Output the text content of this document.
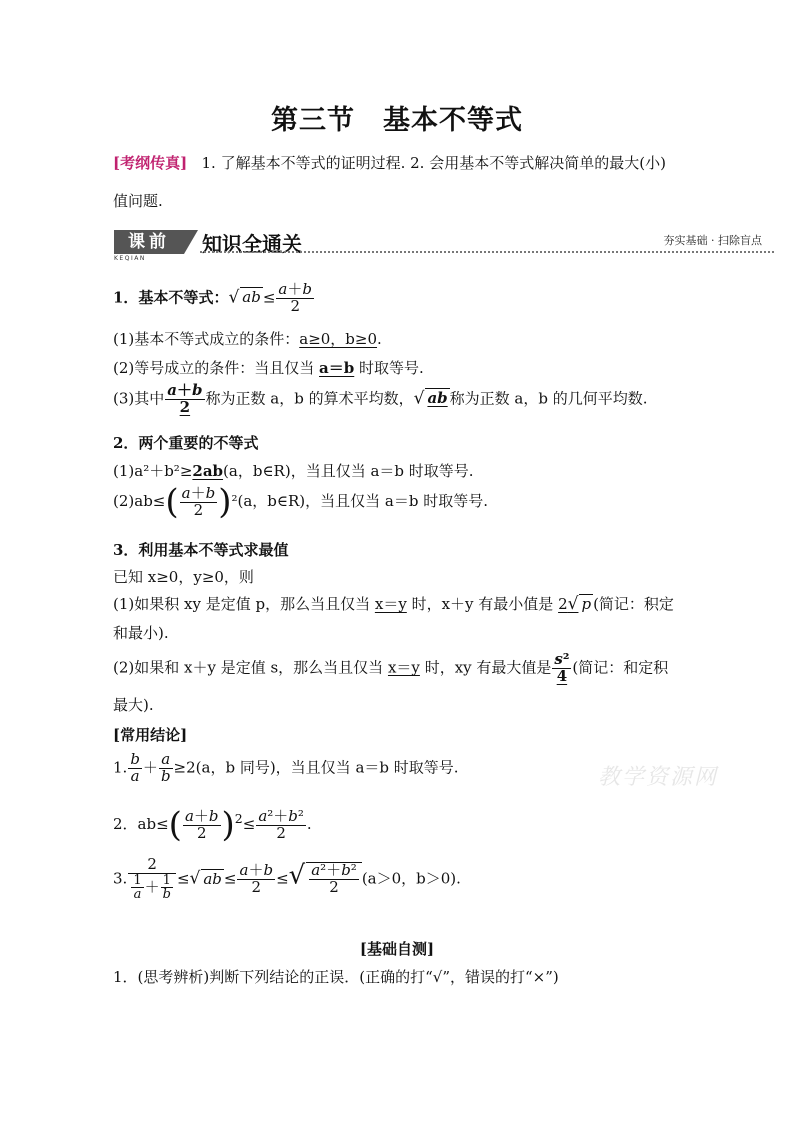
第三节　基本不等式
[考纲传真] 1. 了解基本不等式的证明过程. 2. 会用基本不等式解决简单的最大(小)
值问题.
课前
KEQIAN
知识全通关	夯实基础 · 扫除盲点
1．基本不等式：√ ab ≤ $\frac{a+b}{2}$
(1)基本不等式成立的条件：a≥0，b≥0.
(2)等号成立的条件：当且仅当 a＝b 时取等号.
(3)其中 $\frac{a+b}{2}$ 称为正数 a，b 的算术平均数，√ ab 称为正数 a，b 的几何平均数.
2．两个重要的不等式
(1)a²＋b²≥2ab(a，b∈R)，当且仅当 a＝b 时取等号.
$(2)ab\le( \frac{a+b}{2} )^2(a$，b∈R)，当且仅当 a＝b 时取等号.
3．利用基本不等式求最值
已知 x≥0，y≥0，则
(1)如果积 xy 是定值 p，那么当且仅当 x＝y 时，x＋y 有最小值是 2√ p (简记：积定
和最小).
(2)如果和 x＋y 是定值 s，那么当且仅当 x＝y 时，xy 有最大值是 $\frac{\text{s²}}{4}$ (简记：和定积
最大).
[常用结论]
1. $\frac{b}{a} + \frac{a}{b} \ge 2(a$，b 同号)，当且仅当 a＝b 时取等号.
2．$ab\le( \frac{a+b}{2} )^2\le \frac{\text{a²＋b²}}{2}$ .
3. $\frac{2}{\frac{1}{a} + \frac{1}{b}}$ ≤√ ab ≤ $\frac{a+b}{2}$ ≤√ $\frac{\text{a²＋b²}}{2} (a>0$，b＞0).
[基础自测]
1．(思考辨析)判断下列结论的正误．(正确的打“√”，错误的打“×”)
教学资源网
